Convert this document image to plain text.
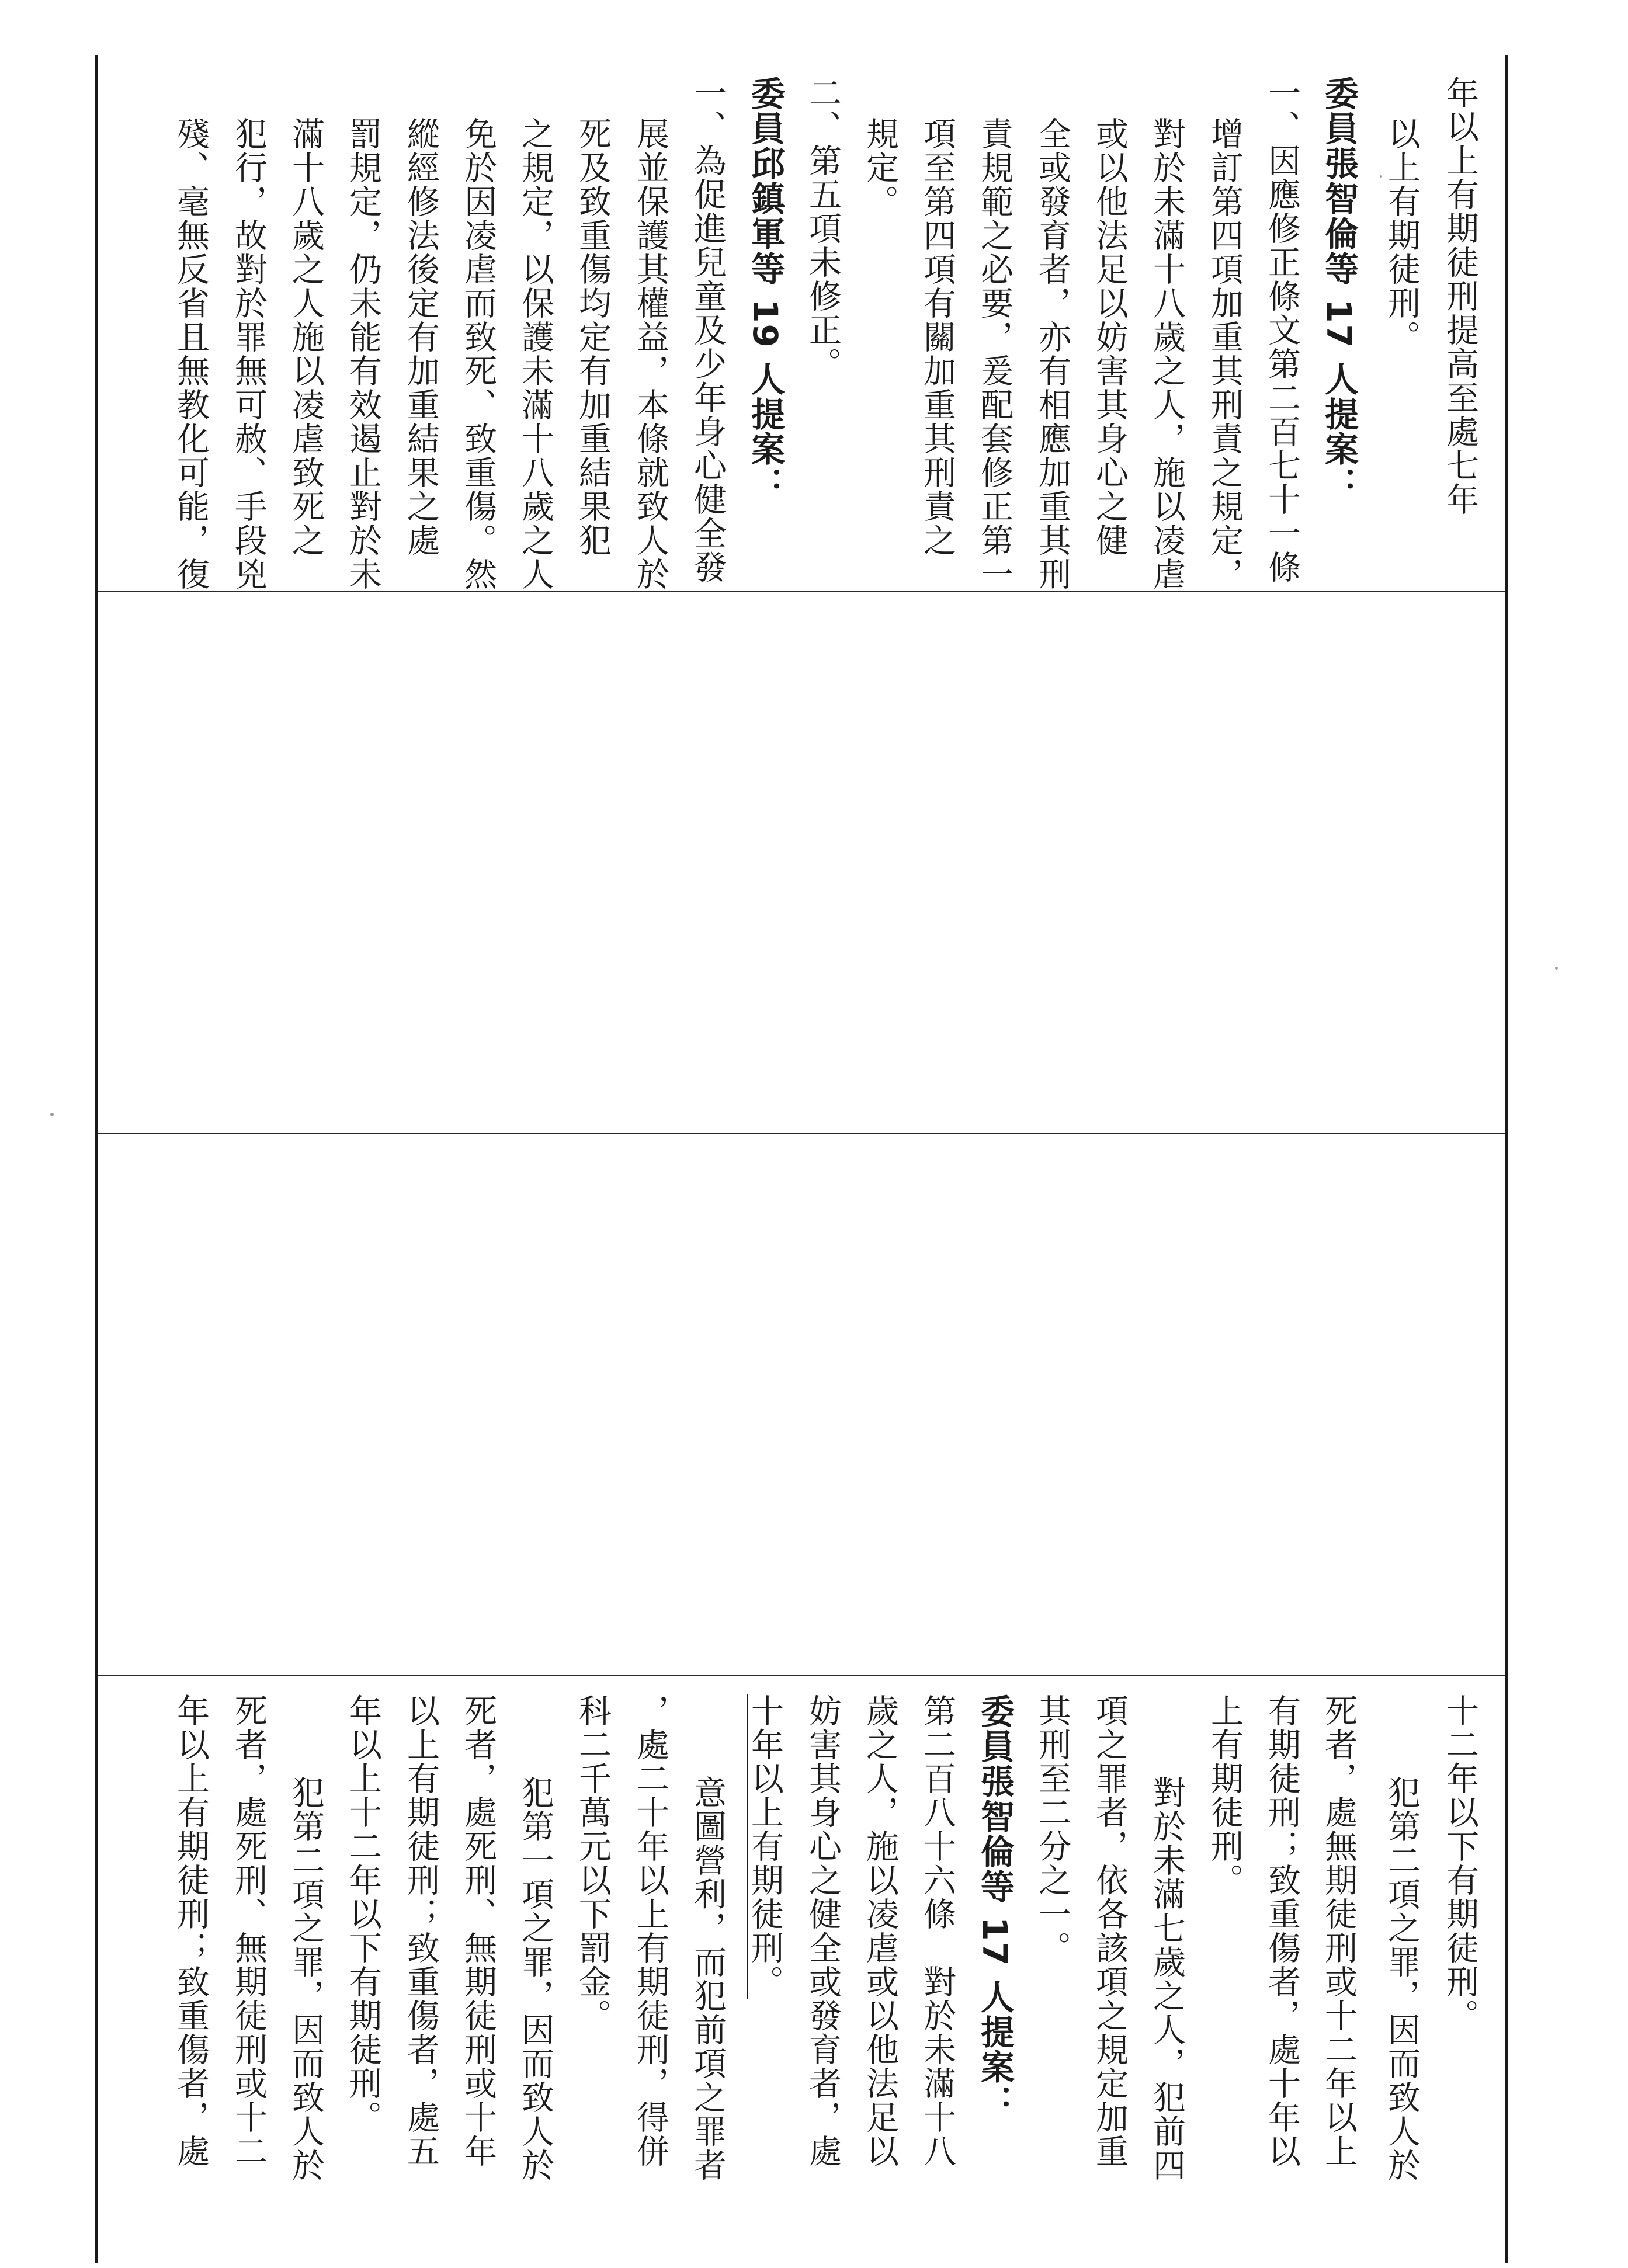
年以上有期徒刑提高至處七年
以上有期徒刑。
委員張智倫等 17 人提案：
一、因應修正條文第二百七十一條
增訂第四項加重其刑責之規定，
對於未滿十八歲之人，施以凌虐
或以他法足以妨害其身心之健
全或發育者，亦有相應加重其刑
責規範之必要，爰配套修正第一
項至第四項有關加重其刑責之
規定。
二、第五項未修正。
委員邱鎮軍等 19 人提案：
一、為促進兒童及少年身心健全發
展並保護其權益，本條就致人於
死及致重傷均定有加重結果犯
之規定，以保護未滿十八歲之人
免於因凌虐而致死、致重傷。然
縱經修法後定有加重結果之處
罰規定，仍未能有效遏止對於未
滿十八歲之人施以凌虐致死之
犯行，故對於罪無可赦、手段兇
殘、毫無反省且無教化可能，復
十二年以下有期徒刑。
犯第二項之罪，因而致人於
死者，處無期徒刑或十二年以上
有期徒刑；致重傷者，處十年以
上有期徒刑。
對於未滿七歲之人，犯前四
項之罪者，依各該項之規定加重
其刑至二分之一。
委員張智倫等 17 人提案：
第二百八十六條　對於未滿十八
歲之人，施以凌虐或以他法足以
妨害其身心之健全或發育者，處
十年以上有期徒刑。
意圖營利，而犯前項之罪者
，處二十年以上有期徒刑，得併
科二千萬元以下罰金。
犯第一項之罪，因而致人於
死者，處死刑、無期徒刑或十年
以上有期徒刑；致重傷者，處五
年以上十二年以下有期徒刑。
犯第二項之罪，因而致人於
死者，處死刑、無期徒刑或十二
年以上有期徒刑；致重傷者，處
